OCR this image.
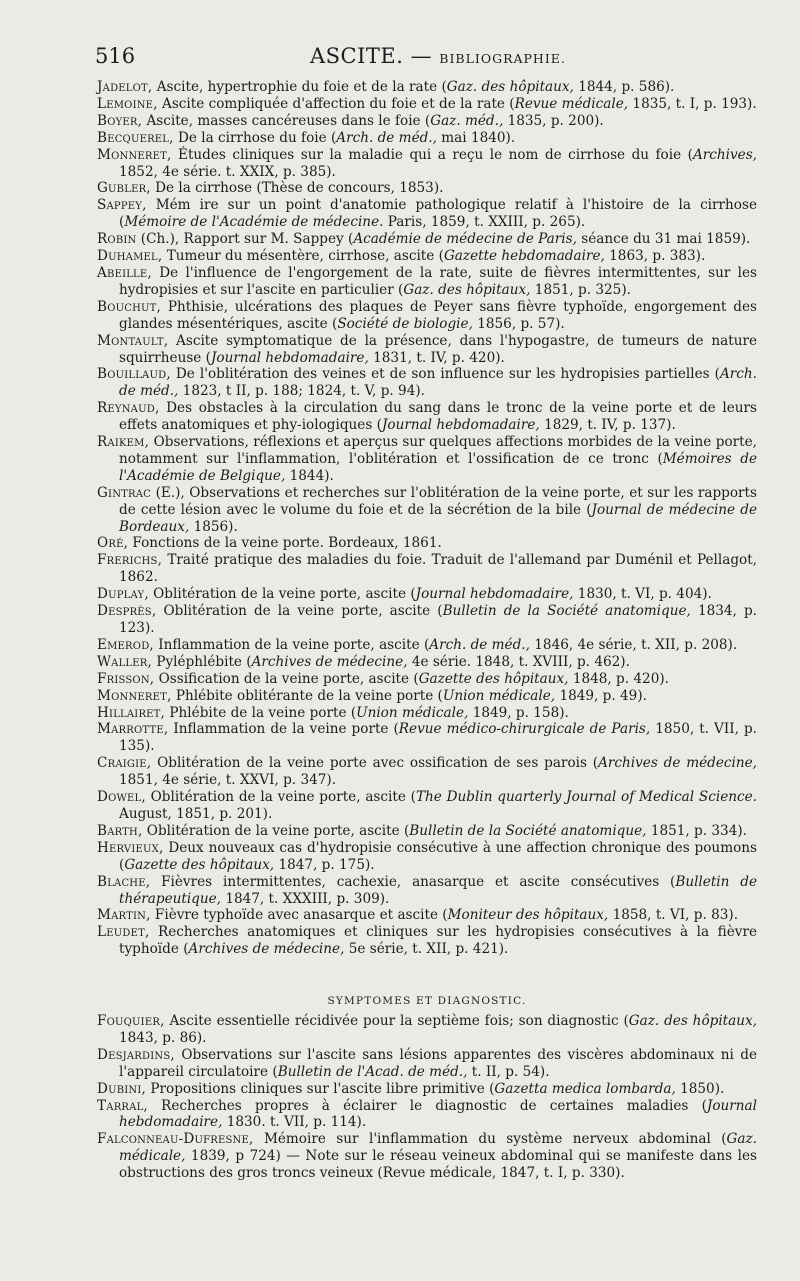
516	ASCITE. — BIBLIOGRAPHIE.

Jadelot, Ascite, hypertrophie du foie et de la rate (Gaz. des hôpitaux, 1844, p. 586).

Lemoine, Ascite compliquée d'affection du foie et de la rate (Revue médicale, 1835, t. I, p. 193).

Boyer, Ascite, masses cancéreuses dans le foie (Gaz. méd., 1835, p. 200).

Becquerel, De la cirrhose du foie (Arch. de méd., mai 1840).

Monneret, Études cliniques sur la maladie qui a reçu le nom de cirrhose du foie (Archives, 1852, 4e série. t. XXIX, p. 385).

Gubler, De la cirrhose (Thèse de concours, 1853).

Sappey, Mém ire sur un point d'anatomie pathologique relatif à l'histoire de la cirrhose (Mémoire de l'Académie de médecine. Paris, 1859, t. XXIII, p. 265).

Robin (Ch.), Rapport sur M. Sappey (Académie de médecine de Paris, séance du 31 mai 1859).

Duhamel, Tumeur du mésentère, cirrhose, ascite (Gazette hebdomadaire, 1863, p. 383).

Abeille, De l'influence de l'engorgement de la rate, suite de fièvres intermittentes, sur les hydropisies et sur l'ascite en particulier (Gaz. des hôpitaux, 1851, p. 325).

Bouchut, Phthisie, ulcérations des plaques de Peyer sans fièvre typhoïde, engorgement des glandes mésentériques, ascite (Société de biologie, 1856, p. 57).

Montault, Ascite symptomatique de la présence, dans l'hypogastre, de tumeurs de nature squirrheuse (Journal hebdomadaire, 1831, t. IV, p. 420).

Bouillaud, De l'oblitération des veines et de son influence sur les hydropisies partielles (Arch. de méd., 1823, t II, p. 188; 1824, t. V, p. 94).

Reynaud, Des obstacles à la circulation du sang dans le tronc de la veine porte et de leurs effets anatomiques et phy-iologiques (Journal hebdomadaire, 1829, t. IV, p. 137).

Raikem, Observations, réflexions et aperçus sur quelques affections morbides de la veine porte, notamment sur l'inflammation, l'oblitération et l'ossification de ce tronc (Mémoires de l'Académie de Belgique, 1844).

Gintrac (E.), Observations et recherches sur l'oblitération de la veine porte, et sur les rapports de cette lésion avec le volume du foie et de la sécrétion de la bile (Journal de médecine de Bordeaux, 1856).

Oré, Fonctions de la veine porte. Bordeaux, 1861.

Frerichs, Traité pratique des maladies du foie. Traduit de l'allemand par Duménil et Pellagot, 1862.

Duplay, Oblitération de la veine porte, ascite (Journal hebdomadaire, 1830, t. VI, p. 404).

Desprès, Oblitération de la veine porte, ascite (Bulletin de la Société anatomique, 1834, p. 123).

Emerod, Inflammation de la veine porte, ascite (Arch. de méd., 1846, 4e série, t. XII, p. 208).

Waller, Pyléphlébite (Archives de médecine, 4e série. 1848, t. XVIII, p. 462).

Frisson, Ossification de la veine porte, ascite (Gazette des hôpitaux, 1848, p. 420).

Monneret, Phlébite oblitérante de la veine porte (Union médicale, 1849, p. 49).

Hillairet, Phlébite de la veine porte (Union médicale, 1849, p. 158).

Marrotte, Inflammation de la veine porte (Revue médico-chirurgicale de Paris, 1850, t. VII, p. 135).

Craigie, Oblitération de la veine porte avec ossification de ses parois (Archives de médecine, 1851, 4e série, t. XXVI, p. 347).

Dowel, Oblitération de la veine porte, ascite (The Dublin quarterly Journal of Medical Science. August, 1851, p. 201).

Barth, Oblitération de la veine porte, ascite (Bulletin de la Société anatomique, 1851, p. 334).

Hervieux, Deux nouveaux cas d'hydropisie consécutive à une affection chronique des poumons (Gazette des hôpitaux, 1847, p. 175).

Blache, Fièvres intermittentes, cachexie, anasarque et ascite consécutives (Bulletin de thérapeutique, 1847, t. XXXIII, p. 309).

Martin, Fièvre typhoïde avec anasarque et ascite (Moniteur des hôpitaux, 1858, t. VI, p. 83).

Leudet, Recherches anatomiques et cliniques sur les hydropisies consécutives à la fièvre typhoïde (Archives de médecine, 5e série, t. XII, p. 421).

SYMPTOMES ET DIAGNOSTIC.

Fouquier, Ascite essentielle récidivée pour la septième fois; son diagnostic (Gaz. des hôpitaux, 1843, p. 86).

Desjardins, Observations sur l'ascite sans lésions apparentes des viscères abdominaux ni de l'appareil circulatoire (Bulletin de l'Acad. de méd., t. II, p. 54).

Dubini, Propositions cliniques sur l'ascite libre primitive (Gazetta medica lombarda, 1850).

Tarral, Recherches propres à éclairer le diagnostic de certaines maladies (Journal hebdomadaire, 1830. t. VII, p. 114).

Falconneau-Dufresne, Mémoire sur l'inflammation du système nerveux abdominal (Gaz. médicale, 1839, p 724) — Note sur le réseau veineux abdominal qui se manifeste dans les obstructions des gros troncs veineux (Revue médicale, 1847, t. I, p. 330).
